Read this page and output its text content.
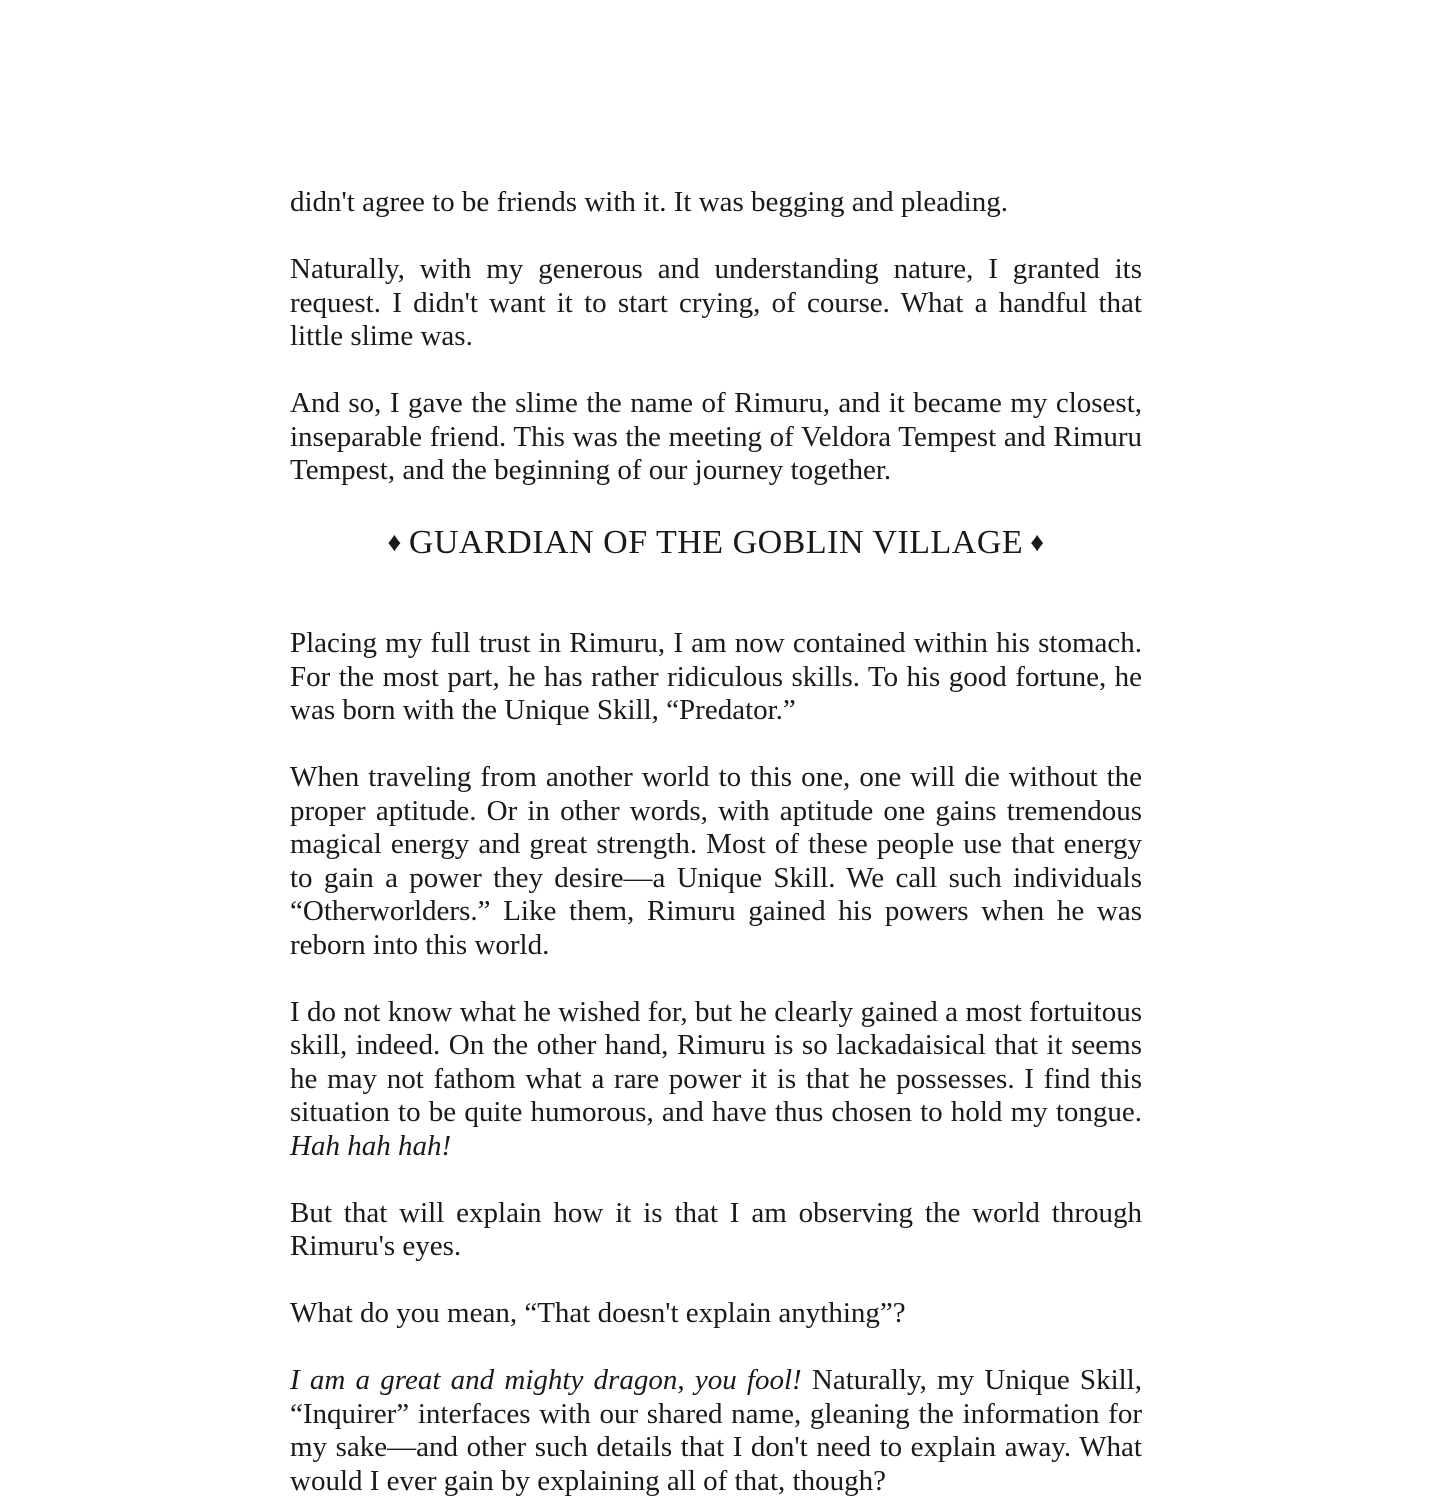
didn't agree to be friends with it. It was begging and pleading.

Naturally, with my generous and understanding nature, I granted its request. I didn't want it to start crying, of course. What a handful that little slime was.

And so, I gave the slime the name of Rimuru, and it became my closest, inseparable friend. This was the meeting of Veldora Tempest and Rimuru Tempest, and the beginning of our journey together.

♦ GUARDIAN OF THE GOBLIN VILLAGE ♦

Placing my full trust in Rimuru, I am now contained within his stomach. For the most part, he has rather ridiculous skills. To his good fortune, he was born with the Unique Skill, “Predator.”

When traveling from another world to this one, one will die without the proper aptitude. Or in other words, with aptitude one gains tremendous magical energy and great strength. Most of these people use that energy to gain a power they desire—a Unique Skill. We call such individuals “Otherworlders.” Like them, Rimuru gained his powers when he was reborn into this world.

I do not know what he wished for, but he clearly gained a most fortuitous skill, indeed. On the other hand, Rimuru is so lackadaisical that it seems he may not fathom what a rare power it is that he possesses. I find this situation to be quite humorous, and have thus chosen to hold my tongue. Hah hah hah!

But that will explain how it is that I am observing the world through Rimuru's eyes.

What do you mean, “That doesn't explain anything”?

I am a great and mighty dragon, you fool! Naturally, my Unique Skill, “Inquirer” interfaces with our shared name, gleaning the information for my sake—and other such details that I don't need to explain away. What would I ever gain by explaining all of that, though?
